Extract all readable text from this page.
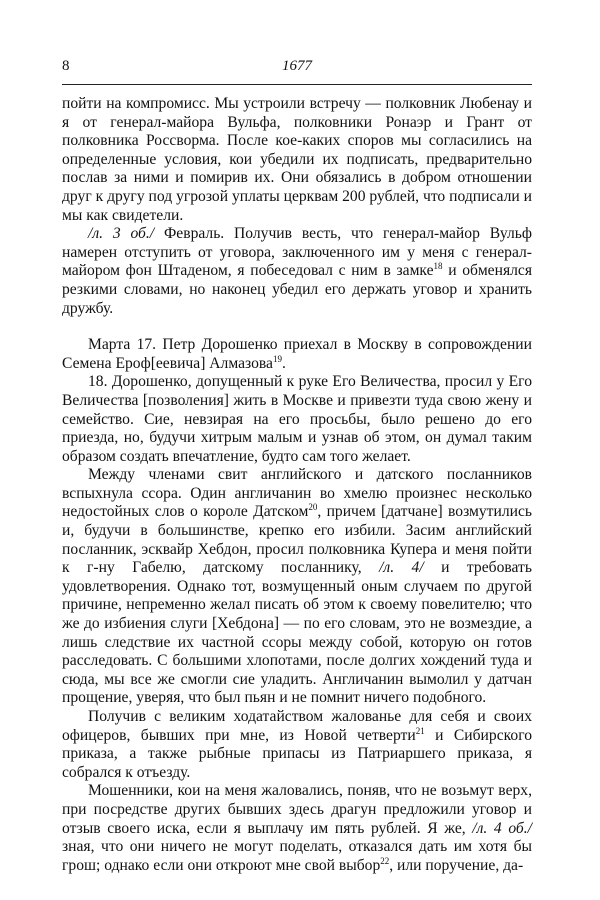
8	1677

пойти на компромисс. Мы устроили встречу — полковник Любенау и я от генерал-майора Вульфа, полковники Ронаэр и Грант от полковника Россворма. После кое-каких споров мы согласились на определенные условия, кои убедили их подписать, предварительно послав за ними и помирив их. Они обязались в добром отношении друг к другу под угрозой уплаты церквам 200 рублей, что подписали и мы как свидетели.

/л. 3 об./ Февраль. Получив весть, что генерал-майор Вульф намерен отступить от уговора, заключенного им у меня с генерал-майором фон Штаденом, я побеседовал с ним в замке$^{18}$ и обменялся резкими словами, но наконец убедил его держать уговор и хранить дружбу.

Марта 17. Петр Дорошенко приехал в Москву в сопровождении Семена Ероф[еевича] Алмазова$^{19}$.

18. Дорошенко, допущенный к руке Его Величества, просил у Его Величества [позволения] жить в Москве и привезти туда свою жену и семейство. Сие, невзирая на его просьбы, было решено до его приезда, но, будучи хитрым малым и узнав об этом, он думал таким образом создать впечатление, будто сам того желает.

Между членами свит английского и датского посланников вспыхнула ссора. Один англичанин во хмелю произнес несколько недостойных слов о короле Датском$^{20}$, причем [датчане] возмутились и, будучи в большинстве, крепко его избили. Засим английский посланник, эсквайр Хебдон, просил полковника Купера и меня пойти к г-ну Габелю, датскому посланнику, /л. 4/ и требовать удовлетворения. Однако тот, возмущенный оным случаем по другой причине, непременно желал писать об этом к своему повелителю; что же до избиения слуги [Хебдона] — по его словам, это не возмездие, а лишь следствие их частной ссоры между собой, которую он готов расследовать. С большими хлопотами, после долгих хождений туда и сюда, мы все же смогли сие уладить. Англичанин вымолил у датчан прощение, уверяя, что был пьян и не помнит ничего подобного.

Получив с великим ходатайством жалованье для себя и своих офицеров, бывших при мне, из Новой четверти$^{21}$ и Сибирского приказа, а также рыбные припасы из Патриаршего приказа, я собрался к отъезду.

Мошенники, кои на меня жаловались, поняв, что не возьмут верх, при посредстве других бывших здесь драгун предложили уговор и отзыв своего иска, если я выплачу им пять рублей. Я же, /л. 4 об./ зная, что они ничего не могут поделать, отказался дать им хотя бы грош; однако если они откроют мне свой выбор$^{22}$, или поручение, да-
